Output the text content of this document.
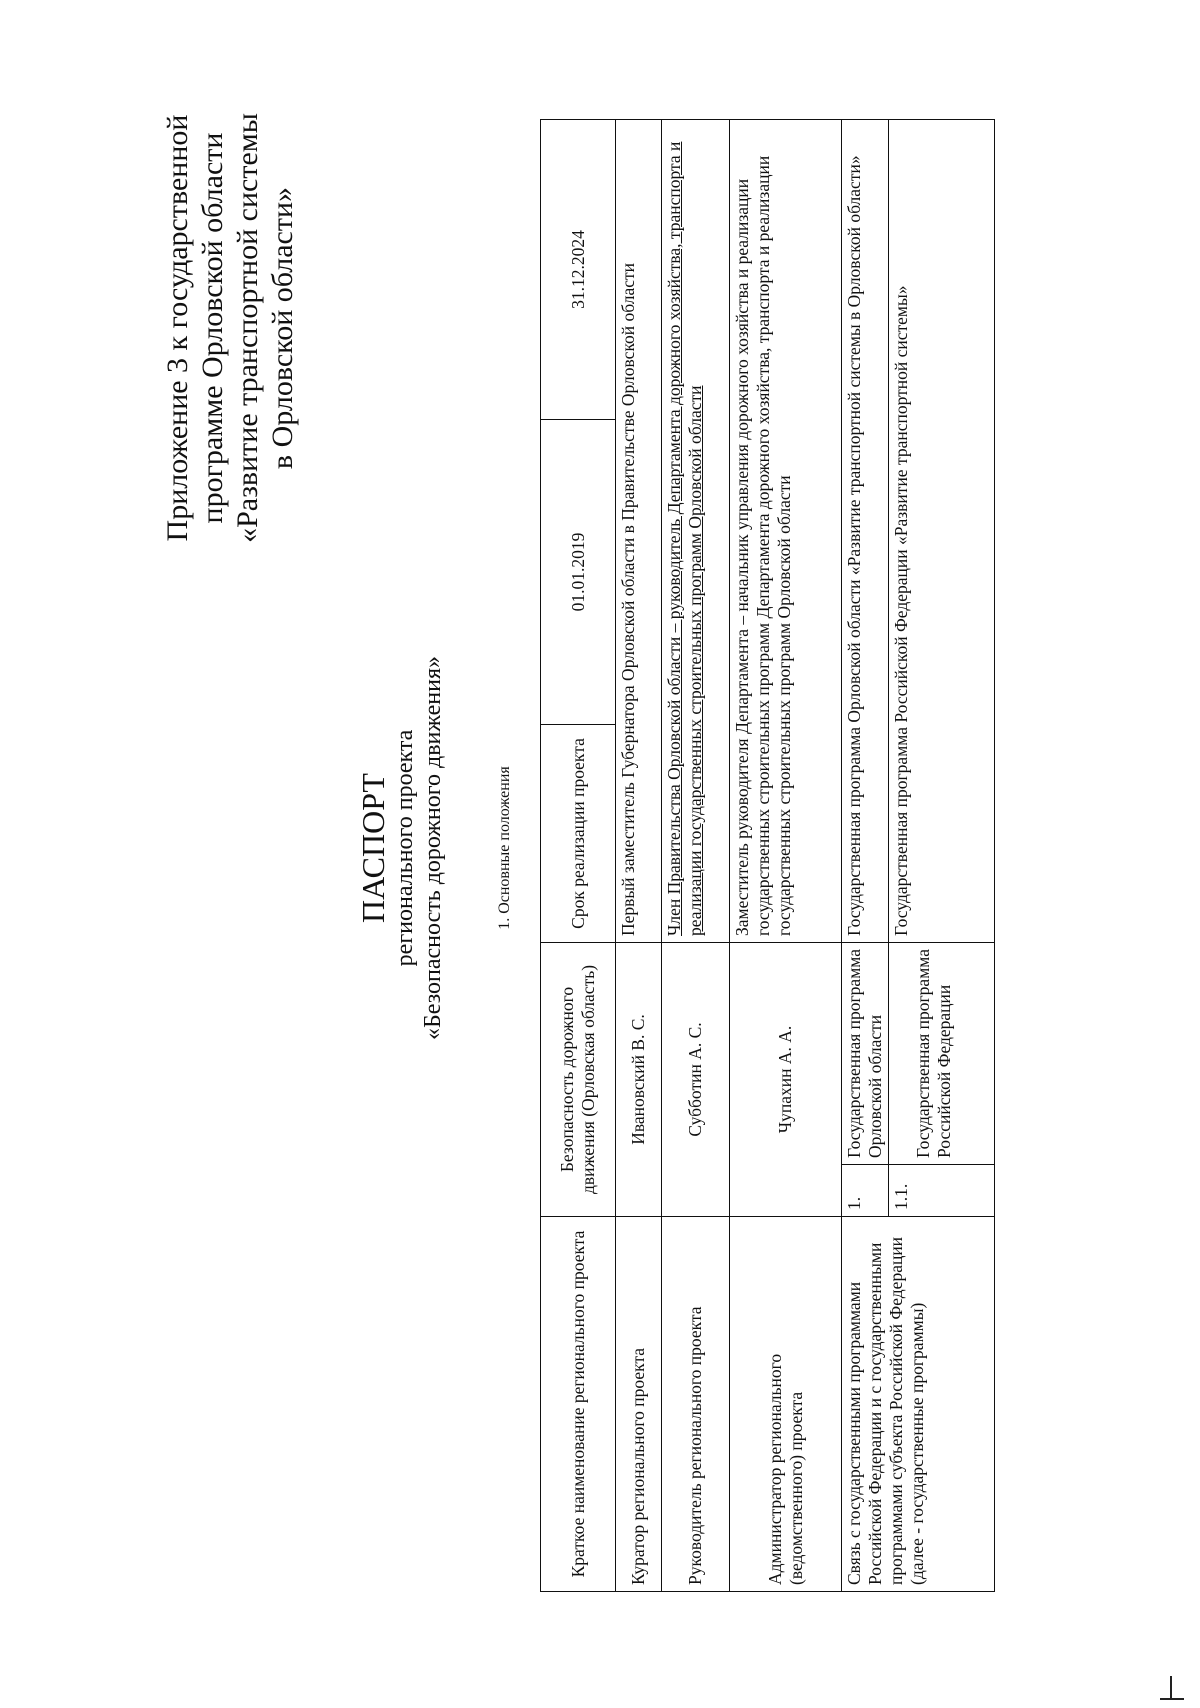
Приложение 3 к государственной программе Орловской области «Развитие транспортной системы в Орловской области»
ПАСПОРТ регионального проекта «Безопасность дорожного движения»	1. Основные положения
Краткое наименование регионального проекта	Безопасность дорожного движения (Орловская область)		Срок реализации проекта	01.01.2019	31.12.2024
Куратор регионального проекта	Ивановский В. С.		Первый заместитель Губернатора Орловской области в Правительстве Орловской области		
Руководитель регионального проекта	Субботин А. С.		Член Правительства Орловской области – руководитель Департамента дорожного хозяйства, транспорта и реализации государственных строительных программ Орловской области		
Администратор регионального (ведомственного) проекта	Чупахин А. А.		Заместитель руководителя Департамента – начальник управления дорожного хозяйства и реализации государственных строительных программ Департамента дорожного хозяйства, транспорта и реализации государственных строительных программ Орловской области		
Связь с государственными программами Российской Федерации и с государственными программами субъекта Российской Федерации (далее - государственные программы)	1.	Государственная программа Орловской области	Государственная программа Орловской области «Развитие транспортной системы в Орловской области»		
	1.1.	Государственная программа Российской Федерации	Государственная программа Российской Федерации «Развитие транспортной системы»		
